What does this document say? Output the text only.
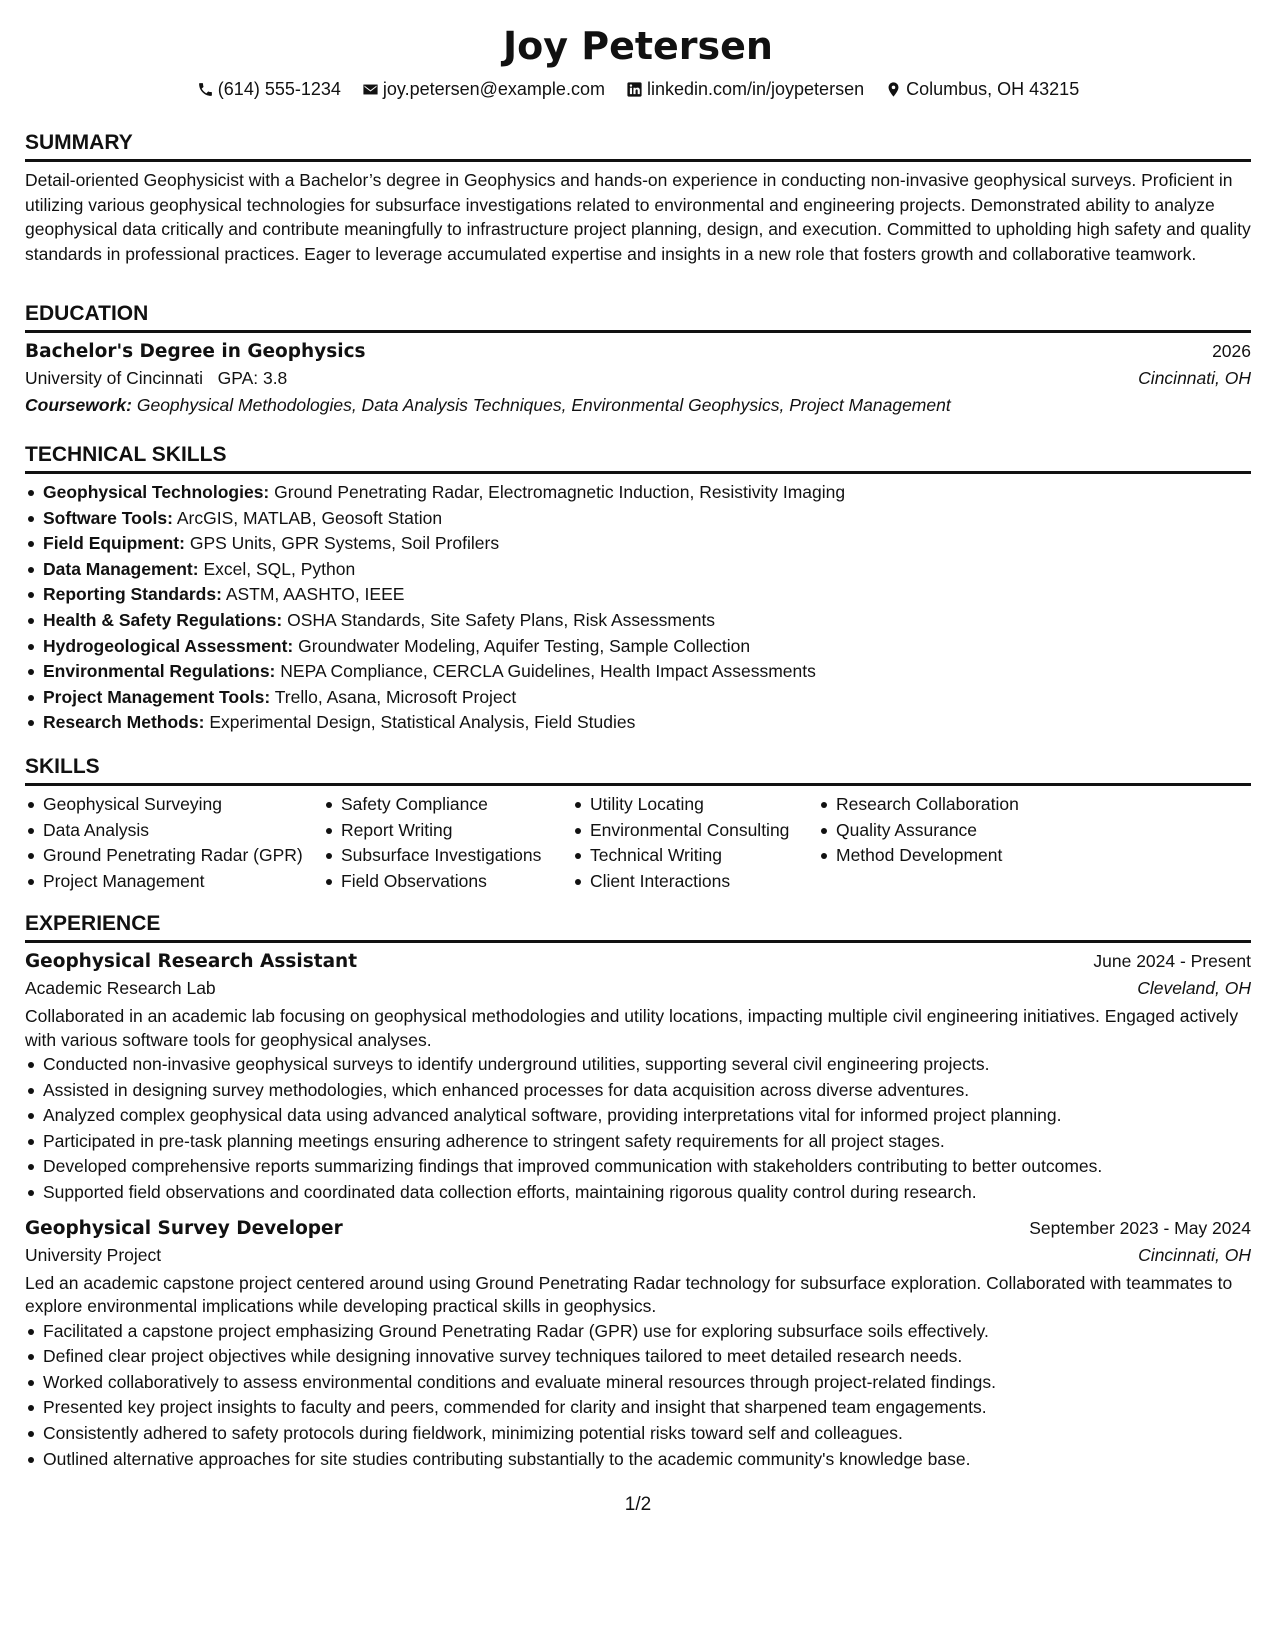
Joy Petersen
(614) 555-1234
joy.petersen@example.com
linkedin.com/in/joypetersen
Columbus, OH 43215
SUMMARY

Detail-oriented Geophysicist with a Bachelor’s degree in Geophysics and hands-on experience in conducting non-invasive geophysical surveys. Proficient in utilizing various geophysical technologies for subsurface investigations related to environmental and engineering projects. Demonstrated ability to analyze geophysical data critically and contribute meaningfully to infrastructure project planning, design, and execution. Committed to upholding high safety and quality standards in professional practices. Eager to leverage accumulated expertise and insights in a new role that fosters growth and collaborative teamwork.

EDUCATION
Bachelor's Degree in Geophysics	2026
University of Cincinnati GPA: 3.8	Cincinnati, OH
Coursework: Geophysical Methodologies, Data Analysis Techniques, Environmental Geophysics, Project Management
TECHNICAL SKILLS
Geophysical Technologies: Ground Penetrating Radar, Electromagnetic Induction, Resistivity Imaging
Software Tools: ArcGIS, MATLAB, Geosoft Station
Field Equipment: GPS Units, GPR Systems, Soil Profilers
Data Management: Excel, SQL, Python
Reporting Standards: ASTM, AASHTO, IEEE
Health & Safety Regulations: OSHA Standards, Site Safety Plans, Risk Assessments
Hydrogeological Assessment: Groundwater Modeling, Aquifer Testing, Sample Collection
Environmental Regulations: NEPA Compliance, CERCLA Guidelines, Health Impact Assessments
Project Management Tools: Trello, Asana, Microsoft Project
Research Methods: Experimental Design, Statistical Analysis, Field Studies
SKILLS
Geophysical Surveying
Data Analysis
Ground Penetrating Radar (GPR)
Project Management
Safety Compliance
Report Writing
Subsurface Investigations
Field Observations
Utility Locating
Environmental Consulting
Technical Writing
Client Interactions
Research Collaboration
Quality Assurance
Method Development
EXPERIENCE
Geophysical Research Assistant	June 2024 - Present
Academic Research Lab	Cleveland, OH

Collaborated in an academic lab focusing on geophysical methodologies and utility locations, impacting multiple civil engineering initiatives. Engaged actively with various software tools for geophysical analyses.

Conducted non-invasive geophysical surveys to identify underground utilities, supporting several civil engineering projects.
Assisted in designing survey methodologies, which enhanced processes for data acquisition across diverse adventures.
Analyzed complex geophysical data using advanced analytical software, providing interpretations vital for informed project planning.
Participated in pre-task planning meetings ensuring adherence to stringent safety requirements for all project stages.
Developed comprehensive reports summarizing findings that improved communication with stakeholders contributing to better outcomes.
Supported field observations and coordinated data collection efforts, maintaining rigorous quality control during research.
Geophysical Survey Developer	September 2023 - May 2024
University Project	Cincinnati, OH

Led an academic capstone project centered around using Ground Penetrating Radar technology for subsurface exploration. Collaborated with teammates to explore environmental implications while developing practical skills in geophysics.

Facilitated a capstone project emphasizing Ground Penetrating Radar (GPR) use for exploring subsurface soils effectively.
Defined clear project objectives while designing innovative survey techniques tailored to meet detailed research needs.
Worked collaboratively to assess environmental conditions and evaluate mineral resources through project-related findings.
Presented key project insights to faculty and peers, commended for clarity and insight that sharpened team engagements.
Consistently adhered to safety protocols during fieldwork, minimizing potential risks toward self and colleagues.
Outlined alternative approaches for site studies contributing substantially to the academic community's knowledge base.
1/2
